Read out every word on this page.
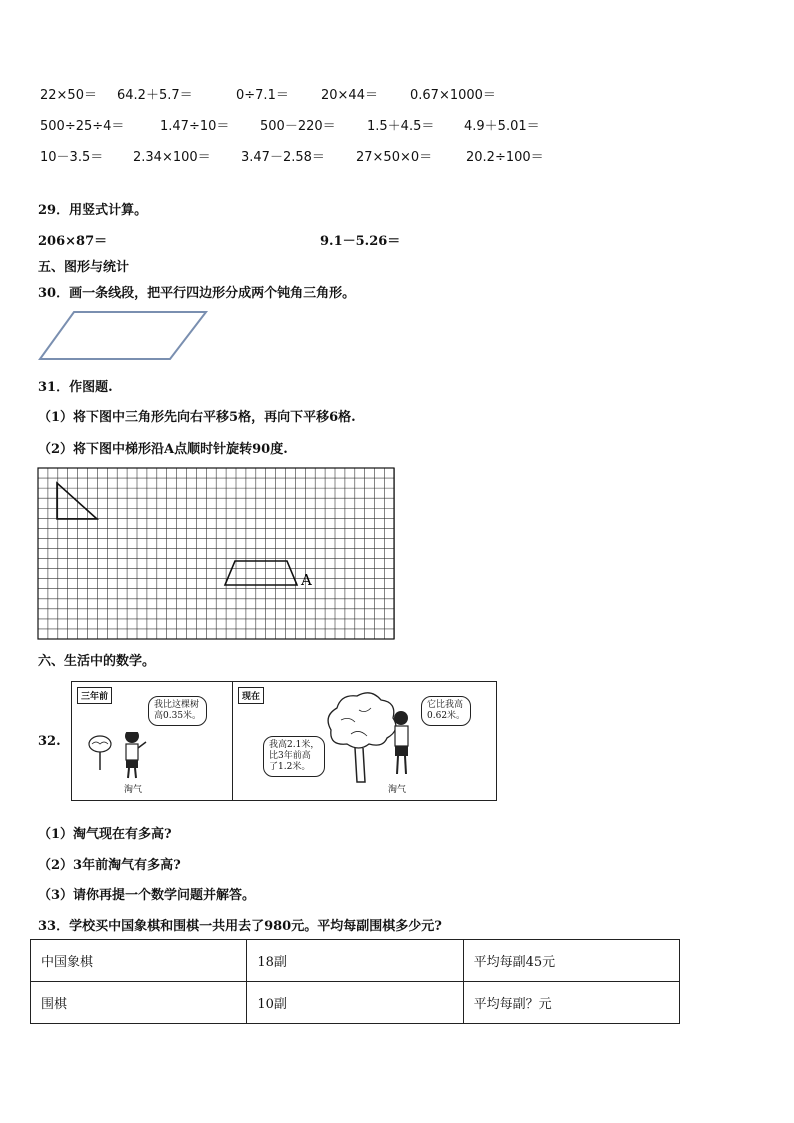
22×50＝ 64.2＋5.7＝	0÷7.1＝ 20×44＝ 0.67×1000＝
500÷25÷4＝	1.47÷10＝ 500－220＝ 1.5＋4.5＝ 4.9＋5.01＝
10－3.5＝ 2.34×100＝ 3.47－2.58＝ 27×50×0＝	20.2÷100＝
29．用竖式计算。
206×87＝	9.1－5.26＝
五、图形与统计
30．画一条线段，把平行四边形分成两个钝角三角形。
31．作图题.
（1）将下图中三角形先向右平移5格，再向下平移6格.
（2）将下图中梯形沿A点顺时针旋转90度.
A
六、生活中的数学。
32.
三年前
我比这棵树
高0.35米。
淘气
现在
我高2.1米，
比3年前高
了1.2米。
它比我高
0.62米。
淘气
（1）淘气现在有多高?
（2）3年前淘气有多高?
（3）请你再提一个数学问题并解答。
33．学校买中国象棋和围棋一共用去了980元。平均每副围棋多少元?
中国象棋	18副	平均每副45元
围棋	10副	平均每副？元
